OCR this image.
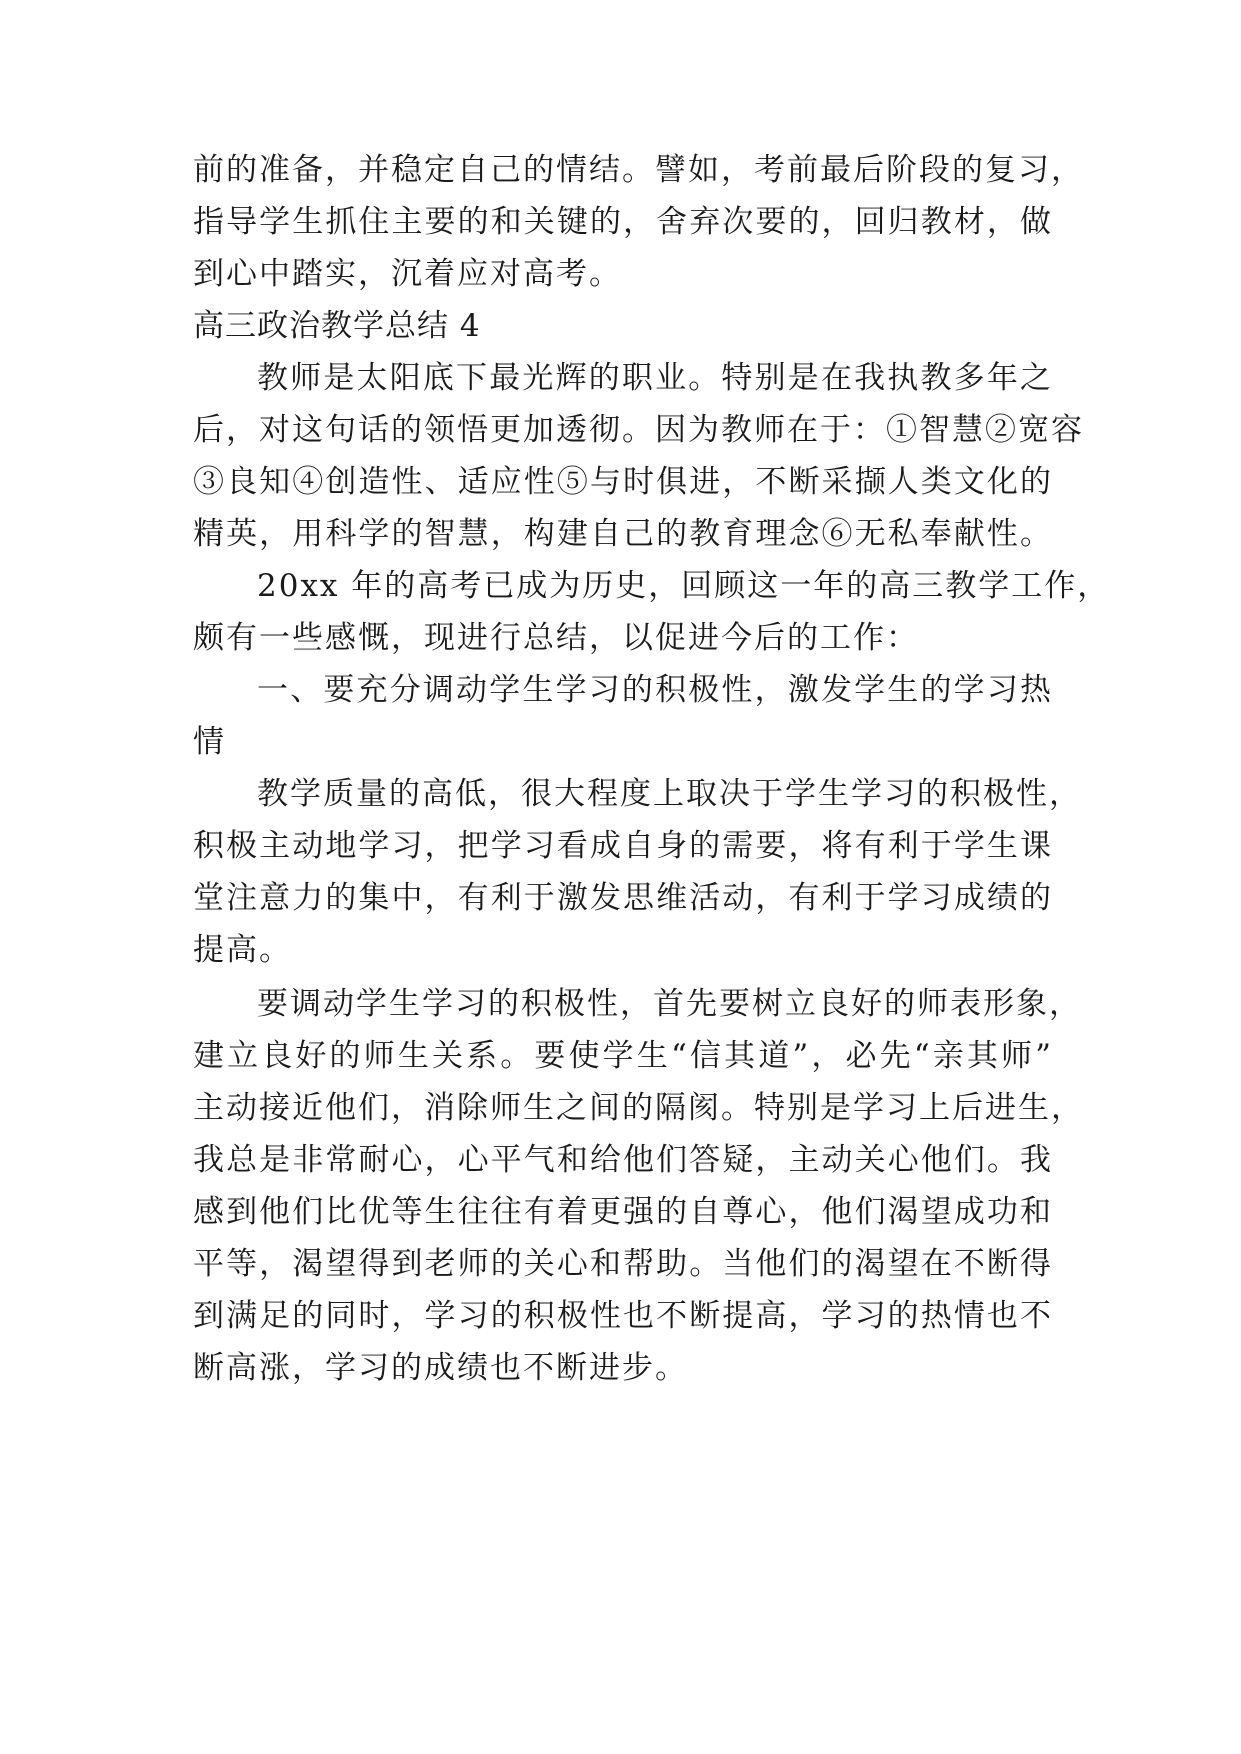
前的准备，并稳定自己的情结。譬如，考前最后阶段的复习，
指导学生抓住主要的和关键的，舍弃次要的，回归教材，做
到心中踏实，沉着应对高考。
高三政治教学总结 4
教师是太阳底下最光辉的职业。特别是在我执教多年之
后，对这句话的领悟更加透彻。因为教师在于：①智慧②宽容
③良知④创造性、适应性⑤与时俱进，不断采撷人类文化的
精英，用科学的智慧，构建自己的教育理念⑥无私奉献性。
20xx 年的高考已成为历史，回顾这一年的高三教学工作，
颇有一些感慨，现进行总结，以促进今后的工作：
一、要充分调动学生学习的积极性，激发学生的学习热
情
教学质量的高低，很大程度上取决于学生学习的积极性，
积极主动地学习，把学习看成自身的需要，将有利于学生课
堂注意力的集中，有利于激发思维活动，有利于学习成绩的
提高。
要调动学生学习的积极性，首先要树立良好的师表形象，
建立良好的师生关系。要使学生“信其道”，必先“亲其师”
主动接近他们，消除师生之间的隔阂。特别是学习上后进生，
我总是非常耐心，心平气和给他们答疑，主动关心他们。我
感到他们比优等生往往有着更强的自尊心，他们渴望成功和
平等，渴望得到老师的关心和帮助。当他们的渴望在不断得
到满足的同时，学习的积极性也不断提高，学习的热情也不
断高涨，学习的成绩也不断进步。
